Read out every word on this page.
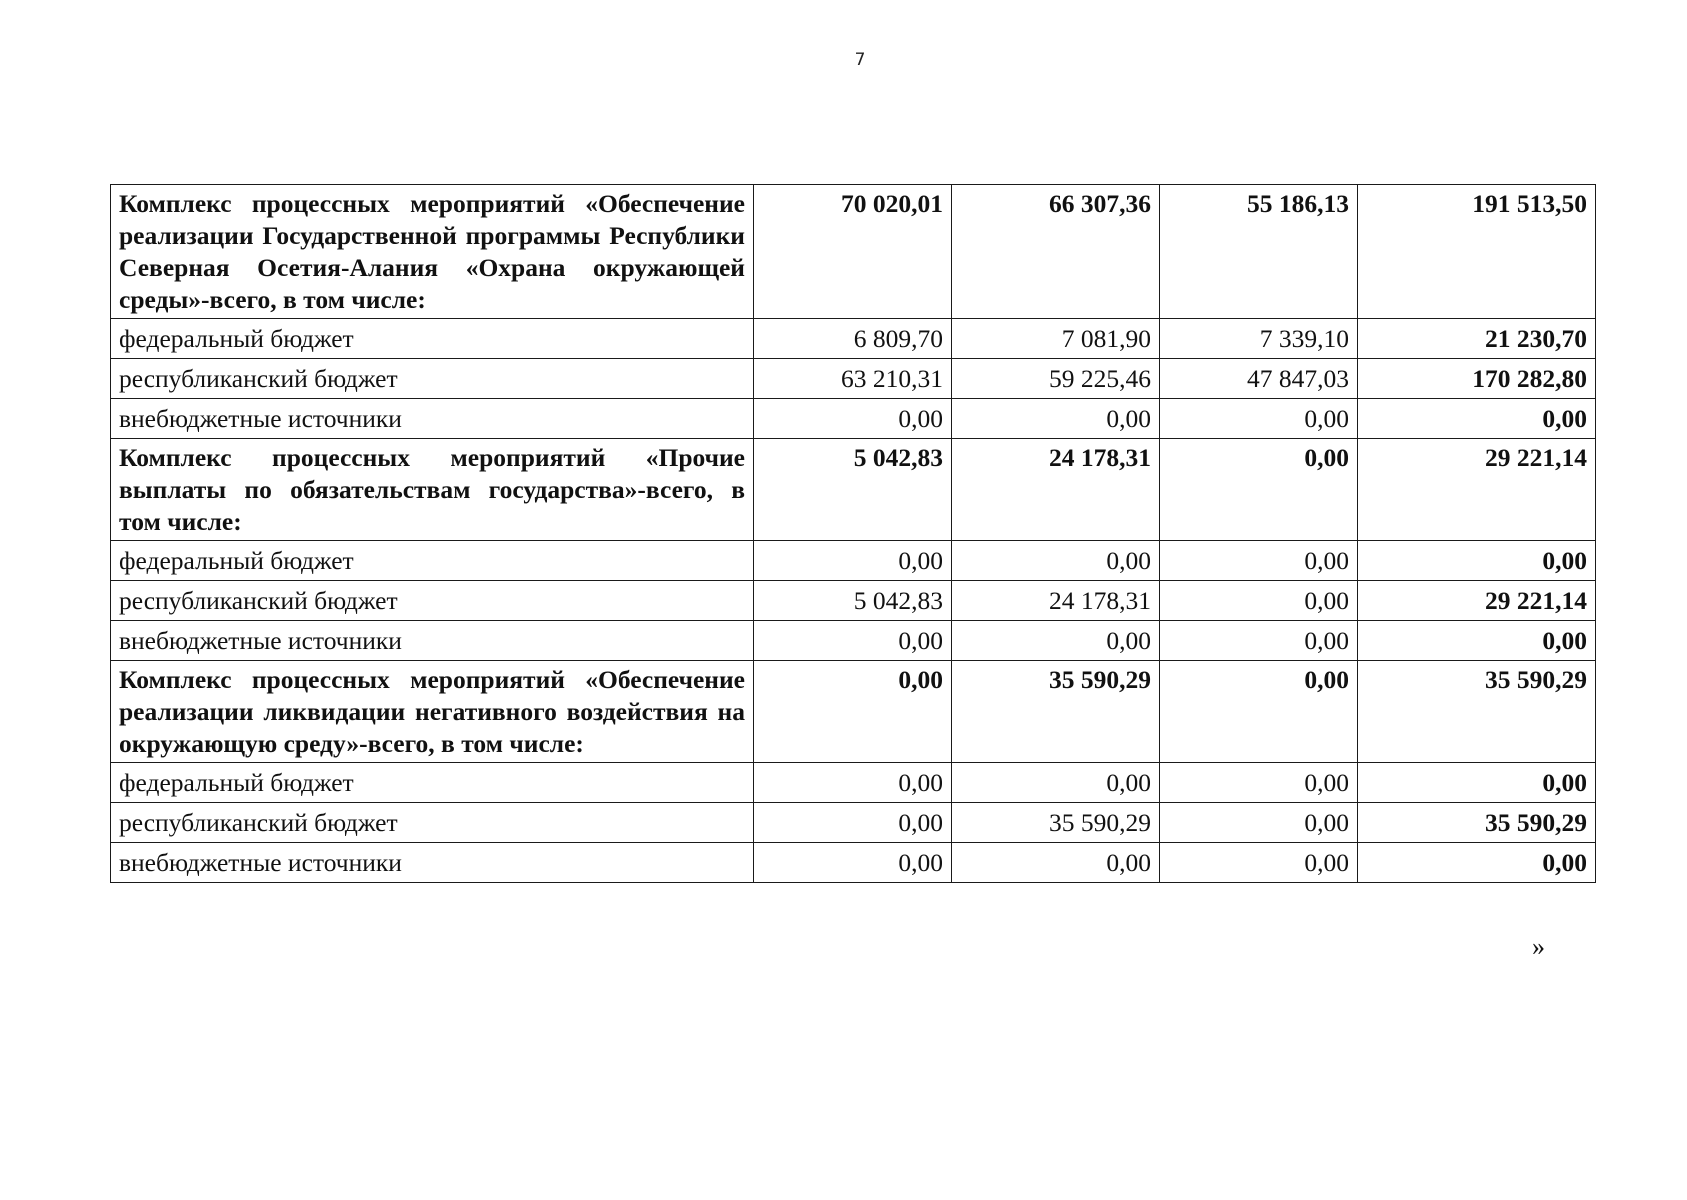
7
Комплекс процессных мероприятий «Обеспечение реализации Государственной программы Республики Северная Осетия-Алания «Охрана окружающей среды»-всего, в том числе:	70 020,01	66 307,36	55 186,13	191 513,50
федеральный бюджет	6 809,70	7 081,90	7 339,10	21 230,70
республиканский бюджет	63 210,31	59 225,46	47 847,03	170 282,80
внебюджетные источники	0,00	0,00	0,00	0,00
Комплекс процессных мероприятий «Прочие выплаты по обязательствам государства»-всего, в том числе:	5 042,83	24 178,31	0,00	29 221,14
федеральный бюджет	0,00	0,00	0,00	0,00
республиканский бюджет	5 042,83	24 178,31	0,00	29 221,14
внебюджетные источники	0,00	0,00	0,00	0,00
Комплекс процессных мероприятий «Обеспечение реализации ликвидации негативного воздействия на окружающую среду»-всего, в том числе:	0,00	35 590,29	0,00	35 590,29
федеральный бюджет	0,00	0,00	0,00	0,00
республиканский бюджет	0,00	35 590,29	0,00	35 590,29
внебюджетные источники	0,00	0,00	0,00	0,00
»
